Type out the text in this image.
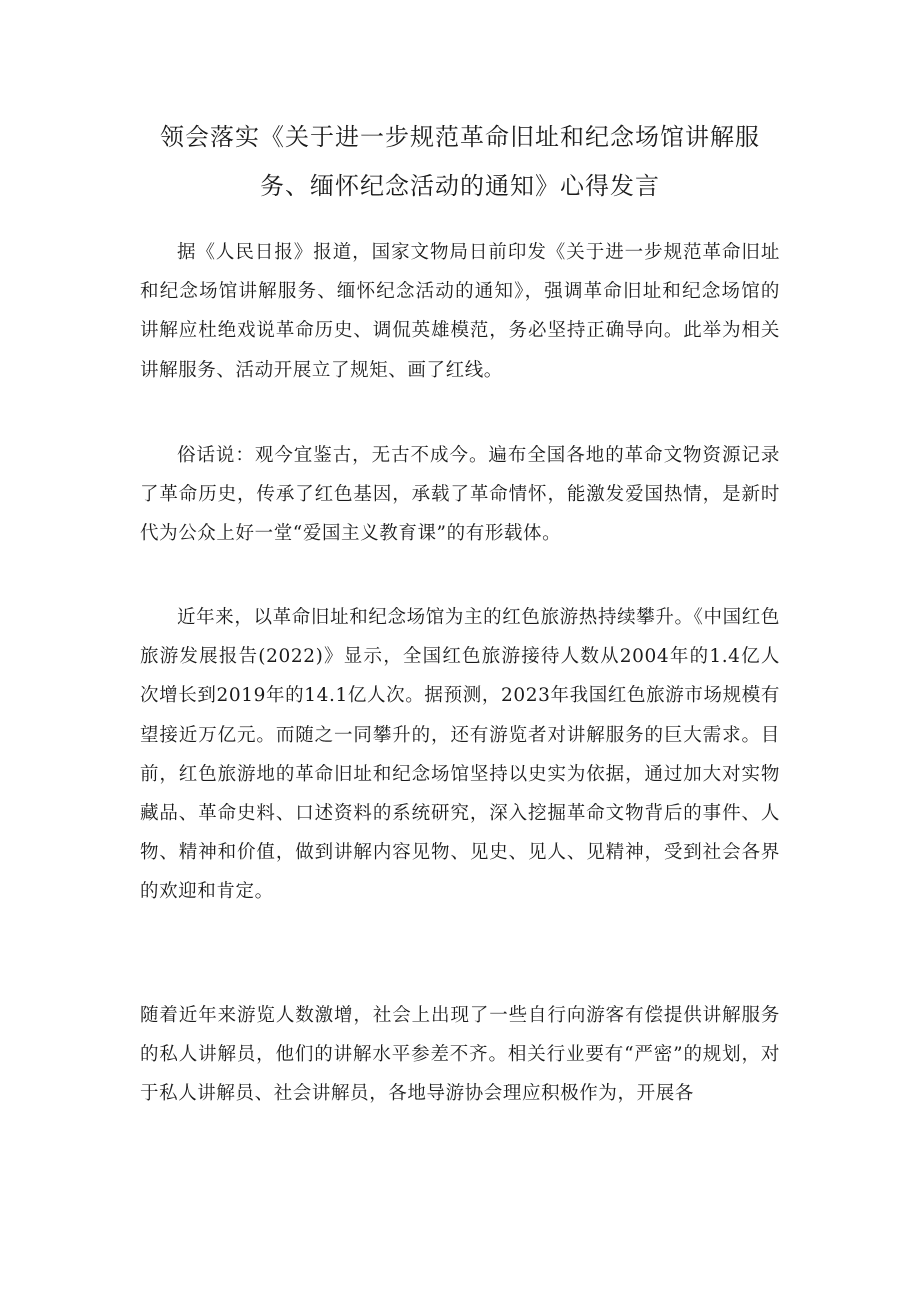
领会落实《关于进一步规范革命旧址和纪念场馆讲解服
务、缅怀纪念活动的通知》心得发言

据《人民日报》报道，国家文物局日前印发《关于进一步规范革命旧址和纪念场馆讲解服务、缅怀纪念活动的通知》，强调革命旧址和纪念场馆的讲解应杜绝戏说革命历史、调侃英雄模范，务必坚持正确导向。此举为相关讲解服务、活动开展立了规矩、画了红线。

俗话说：观今宜鉴古，无古不成今。遍布全国各地的革命文物资源记录了革命历史，传承了红色基因，承载了革命情怀，能激发爱国热情，是新时代为公众上好一堂“爱国主义教育课”的有形载体。

近年来，以革命旧址和纪念场馆为主的红色旅游热持续攀升。《中国红色旅游发展报告(2022)》显示，全国红色旅游接待人数从2004年的1.4亿人次增长到2019年的14.1亿人次。据预测，2023年我国红色旅游市场规模有望接近万亿元。而随之一同攀升的，还有游览者对讲解服务的巨大需求。目前，红色旅游地的革命旧址和纪念场馆坚持以史实为依据，通过加大对实物藏品、革命史料、口述资料的系统研究，深入挖掘革命文物背后的事件、人物、精神和价值，做到讲解内容见物、见史、见人、见精神，受到社会各界的欢迎和肯定。

随着近年来游览人数激增，社会上出现了一些自行向游客有偿提供讲解服务的私人讲解员，他们的讲解水平参差不齐。相关行业要有“严密”的规划，对于私人讲解员、社会讲解员，各地导游协会理应积极作为，开展各
